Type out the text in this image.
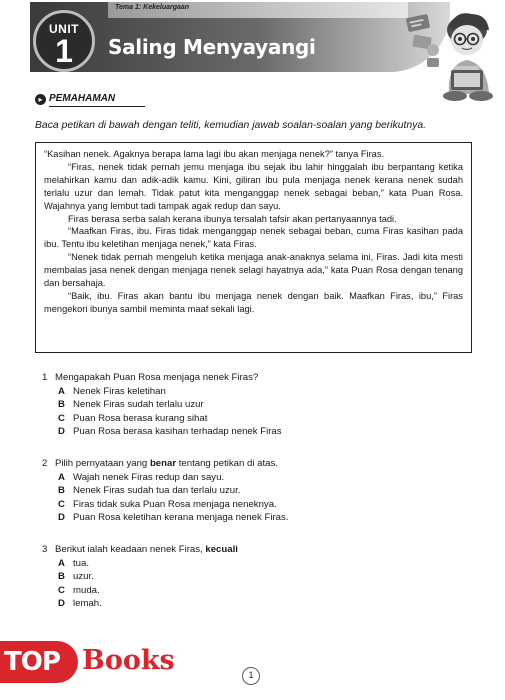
Tema 1: Kekeluargaan
UNIT
1	Saling Menyayangi
▸ PEMAHAMAN
Baca petikan di bawah dengan teliti, kemudian jawab soalan-soalan yang berikutnya.

“Kasihan nenek. Agaknya berapa lama lagi ibu akan menjaga nenek?” tanya Firas.

“Firas, nenek tidak pernah jemu menjaga ibu sejak ibu lahir hinggalah ibu berpantang ketika melahirkan kamu dan adik-adik kamu. Kini, giliran ibu pula menjaga nenek kerana nenek sudah terlalu uzur dan lemah. Tidak patut kita menganggap nenek sebagai beban,” kata Puan Rosa. Wajahnya yang lembut tadi tampak agak redup dan sayu.

Firas berasa serba salah kerana ibunya tersalah tafsir akan pertanyaannya tadi.

“Maafkan Firas, ibu. Firas tidak menganggap nenek sebagai beban, cuma Firas kasihan pada ibu. Tentu ibu keletihan menjaga nenek,” kata Firas.

“Nenek tidak pernah mengeluh ketika menjaga anak-anaknya selama ini, Firas. Jadi kita mesti membalas jasa nenek dengan menjaga nenek selagi hayatnya ada,” kata Puan Rosa dengan tenang dan bersahaja.

“Baik, ibu. Firas akan bantu ibu menjaga nenek dengan baik. Maafkan Firas, ibu,” Firas mengekori ibunya sambil meminta maaf sekali lagi.

1 Mengapakah Puan Rosa menjaga nenek Firas?
A Nenek Firas keletihan
B Nenek Firas sudah terlalu uzur
C Puan Rosa berasa kurang sihat
D Puan Rosa berasa kasihan terhadap nenek Firas
2 Pilih pernyataan yang benar tentang petikan di atas.
A Wajah nenek Firas redup dan sayu.
B Nenek Firas sudah tua dan terlalu uzur.
C Firas tidak suka Puan Rosa menjaga neneknya.
D Puan Rosa keletihan kerana menjaga nenek Firas.
3 Berikut ialah keadaan nenek Firas, kecuali
A tua.
B uzur.
C muda.
D lemah.
TOP Books	1
